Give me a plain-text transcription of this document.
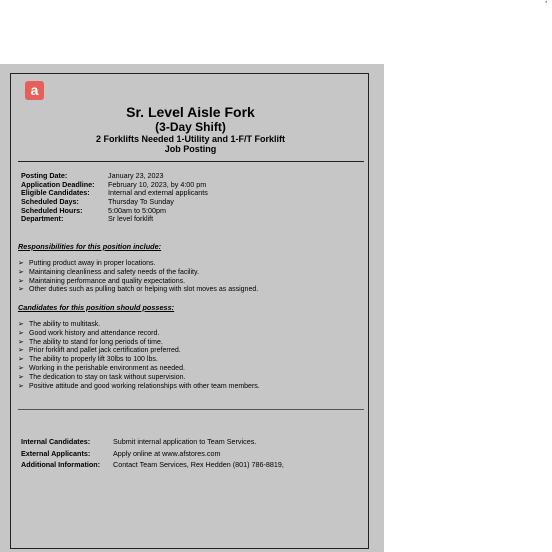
*
a
Sr. Level Aisle Fork
(3-Day Shift)
2 Forklifts Needed 1-Utility and 1-F/T Forklift
Job Posting
Posting Date:	January 23, 2023
Application Deadline: February 10, 2023, by 4:00 pm
Eligible Candidates:	Internal and external applicants
Scheduled Days:	Thursday To Sunday
Scheduled Hours:	5:00am to 5:00pm
Department:	Sr level forklift
Responsibilities for this position include:
➢ Putting product away in proper locations.
➢ Maintaining cleanliness and safety needs of the facility.
➢ Maintaining performance and quality expectations.
➢ Other duties such as pulling batch or helping with slot moves as assigned.
Candidates for this position should possess:
➢ The ability to multitask.
➢ Good work history and attendance record.
➢ The ability to stand for long periods of time.
➢ Prior forklift and pallet jack certification preferred.
➢ The ability to properly lift 30lbs to 100 lbs.
➢ Working in the perishable environment as needed.
➢ The dedication to stay on task without supervision.
➢ Positive attitude and good working relationships with other team members.
Internal Candidates:	Submit internal application to Team Services.
External Applicants:	Apply online at www.afstores.com
Additional Information: Contact Team Services, Rex Hedden (801) 786-8819,
